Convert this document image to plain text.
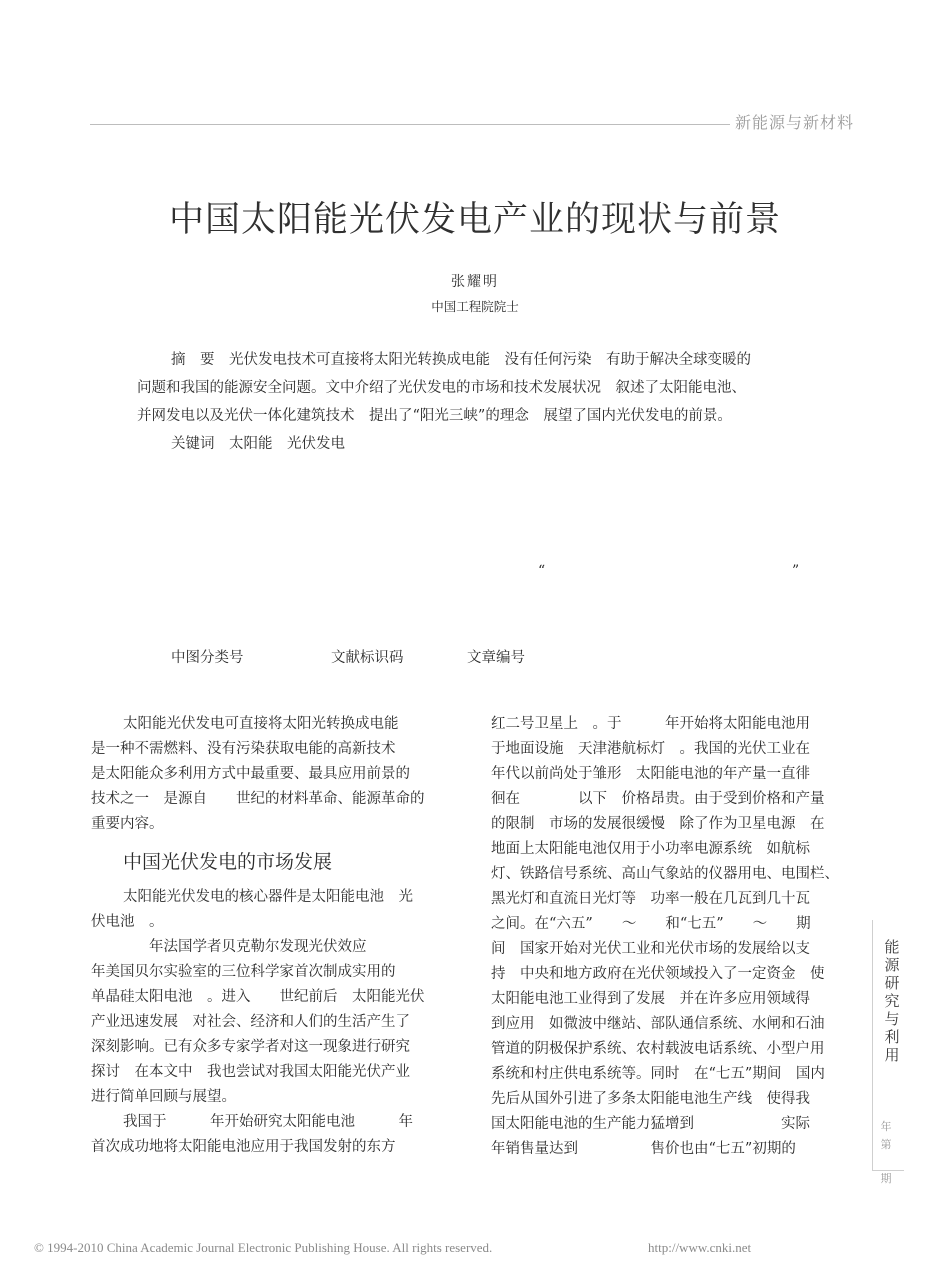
新能源与新材料
中国太阳能光伏发电产业的现状与前景
张耀明
中国工程院院士
摘　要　光伏发电技术可直接将太阳光转换成电能　没有任何污染　有助于解决全球变暖的
问题和我国的能源安全问题。文中介绍了光伏发电的市场和技术发展状况　叙述了太阳能电池、
并网发电以及光伏一体化建筑技术　提出了“阳光三峡”的理念　展望了国内光伏发电的前景。
关键词　太阳能　光伏发电
“	”
中图分类号	文献标识码	文章编号
太阳能光伏发电可直接将太阳光转换成电能
是一种不需燃料、没有污染获取电能的高新技术
是太阳能众多利用方式中最重要、最具应用前景的
技术之一　是源自　　世纪的材料革命、能源革命的
重要内容。
中国光伏发电的市场发展
太阳能光伏发电的核心器件是太阳能电池　光
伏电池　。
　　　　年法国学者贝克勒尔发现光伏效应
年美国贝尔实验室的三位科学家首次制成实用的
单晶硅太阳电池　。进入　　世纪前后　太阳能光伏
产业迅速发展　对社会、经济和人们的生活产生了
深刻影响。已有众多专家学者对这一现象进行研究
探讨　在本文中　我也尝试对我国太阳能光伏产业
进行简单回顾与展望。
我国于　　　年开始研究太阳能电池　　　年
首次成功地将太阳能电池应用于我国发射的东方
红二号卫星上　。于　　　年开始将太阳能电池用
于地面设施　天津港航标灯　。我国的光伏工业在
年代以前尚处于雏形　太阳能电池的年产量一直徘
徊在　　　　以下　价格昂贵。由于受到价格和产量
的限制　市场的发展很缓慢　除了作为卫星电源　在
地面上太阳能电池仅用于小功率电源系统　如航标
灯、铁路信号系统、高山气象站的仪器用电、电围栏、
黑光灯和直流日光灯等　功率一般在几瓦到几十瓦
之间。在“六五”　　～　　和“七五”　　～　　期
间　国家开始对光伏工业和光伏市场的发展给以支
持　中央和地方政府在光伏领域投入了一定资金　使
太阳能电池工业得到了发展　并在许多应用领域得
到应用　如微波中继站、部队通信系统、水闸和石油
管道的阴极保护系统、农村载波电话系统、小型户用
系统和村庄供电系统等。同时　在“七五”期间　国内
先后从国外引进了多条太阳能电池生产线　使得我
国太阳能电池的生产能力猛增到　　　　　　实际
年销售量达到　　　　　售价也由“七五”初期的
能
源
研
究
与
利
用
年
第
期
© 1994-2010 China Academic Journal Electronic Publishing House. All rights reserved.	http://www.cnki.net
